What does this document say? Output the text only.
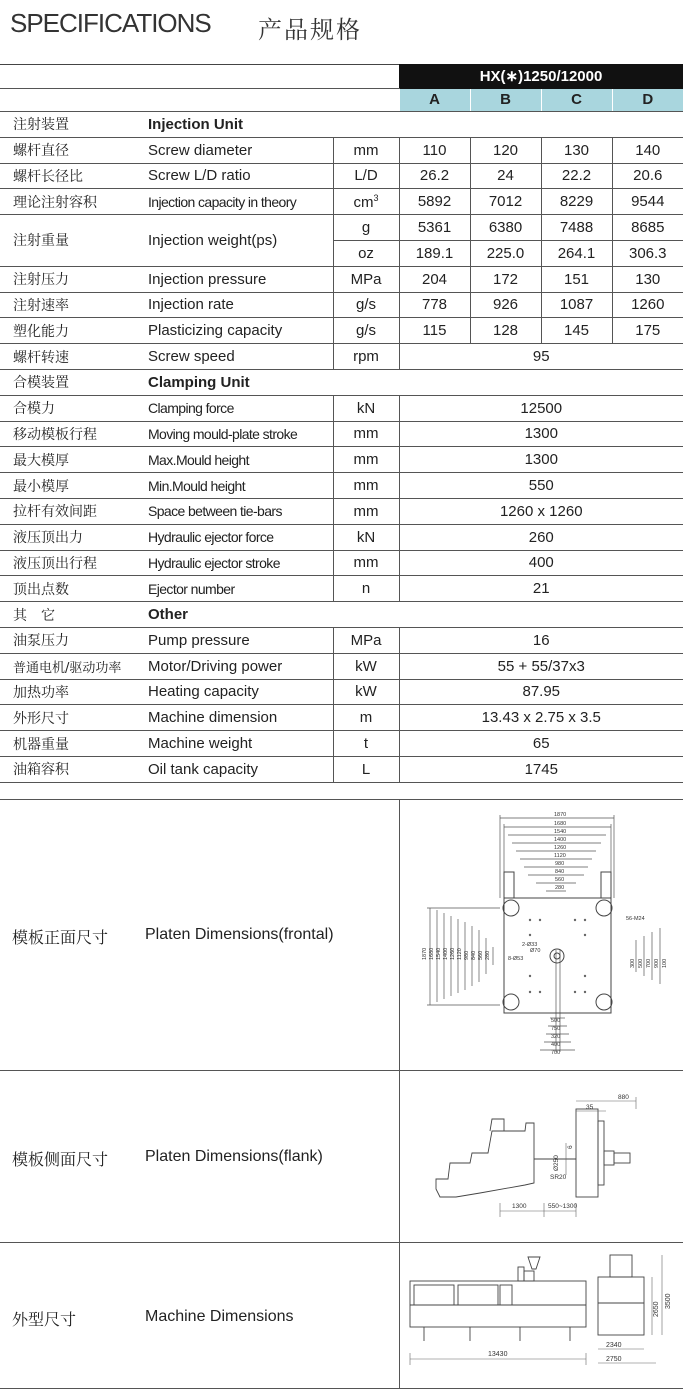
SPECIFICATIONS 产品规格
			HX(∗)1250/12000			
			A	B	C	D
注射装置	Injection Unit					
螺杆直径	Screw diameter	mm	110	120	130	140
螺杆长径比	Screw L/D ratio	L/D	26.2	24	22.2	20.6
理论注射容积	Injection capacity in theory	$cm^3$	5892	7012	8229	9544
注射重量	Injection weight(ps)	g	5361	6380	7488	8685
		oz	189.1	225.0	264.1	306.3
注射压力	Injection pressure	MPa	204	172	151	130
注射速率	Injection rate	g/s	778	926	1087	1260
塑化能力	Plasticizing capacity	g/s	115	128	145	175
螺杆转速	Screw speed	rpm	95			
合模装置	Clamping Unit					
合模力	Clamping force	kN	12500			
移动模板行程	Moving mould-plate stroke	mm	1300			
最大模厚	Max.Mould height	mm	1300			
最小模厚	Min.Mould height	mm	550			
拉杆有效间距	Space between tie-bars	mm	1260 x 1260			
液压顶出力	Hydraulic ejector force	kN	260			
液压顶出行程	Hydraulic ejector stroke	mm	400			
顶出点数	Ejector number	n	21			
其　它	Other					
油泵压力	Pump pressure	MPa	16			
普通电机/驱动功率	Motor/Driving power	kW	55 + 55/37x3			
加热功率	Heating capacity	kW	87.95			
外形尺寸	Machine dimension	m	13.43 x 2.75 x 3.5			
机器重量	Machine weight	t	65			
油箱容积	Oil tank capacity	L	1745			
模板正面尺寸 Platen Dimensions(frontal)
1870
1680
1540
1400
1260
1120
980
840
560
280
56-M24
Ø70
8-Ø53
2-Ø33
500
750
320
400
700
1870 1680 1540 1400 1260 1120 980 840 560 280
300 500 700 900 100
模板侧面尺寸 Platen Dimensions(flank)
880
35
Ø250
SR20
6
1300	550~1300
外型尺寸	Machine Dimensions
13430
2340
2750
2650
3500
